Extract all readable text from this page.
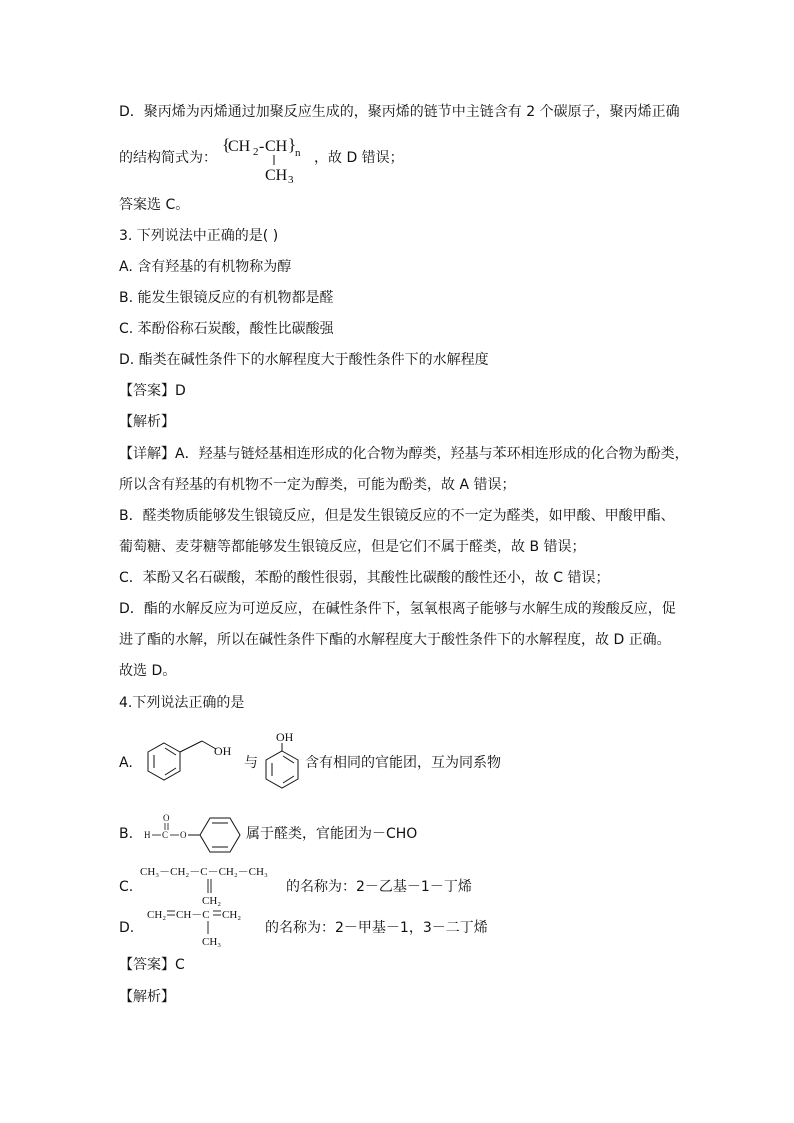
D．聚丙烯为丙烯通过加聚反应生成的，聚丙烯的链节中主链含有 2 个碳原子，聚丙烯正确
的结构简式为：
{
CH 2 - CH }
n
CH 3
，故 D 错误；
答案选 C。
3. 下列说法中正确的是( )
A. 含有羟基的有机物称为醇
B. 能发生银镜反应的有机物都是醛
C. 苯酚俗称石炭酸，酸性比碳酸强
D. 酯类在碱性条件下的水解程度大于酸性条件下的水解程度
【答案】D
【解析】
【详解】A．羟基与链烃基相连形成的化合物为醇类，羟基与苯环相连形成的化合物为酚类，
所以含有羟基的有机物不一定为醇类，可能为酚类，故 A 错误；
B．醛类物质能够发生银镜反应，但是发生银镜反应的不一定为醛类，如甲酸、甲酸甲酯、
葡萄糖、麦芽糖等都能够发生银镜反应，但是它们不属于醛类，故 B 错误；
C．苯酚又名石碳酸，苯酚的酸性很弱，其酸性比碳酸的酸性还小，故 C 错误；
D．酯的水解反应为可逆反应，在碱性条件下，氢氧根离子能够与水解生成的羧酸反应，促
进了酯的水解，所以在碱性条件下酯的水解程度大于酸性条件下的水解程度，故 D 正确。
故选 D。
4.下列说法正确的是
A.
OH
与
OH
含有相同的官能团，互为同系物
B.
O
H C O	属于醛类，官能团为－CHO
C.
CH₃－CH₂－C－CH₂－CH₃
CH₂
的名称为：2－乙基－1－丁烯
D.
CH₂ CH－C CH₂
CH₃
的名称为：2－甲基－1，3－二丁烯
【答案】C
【解析】
